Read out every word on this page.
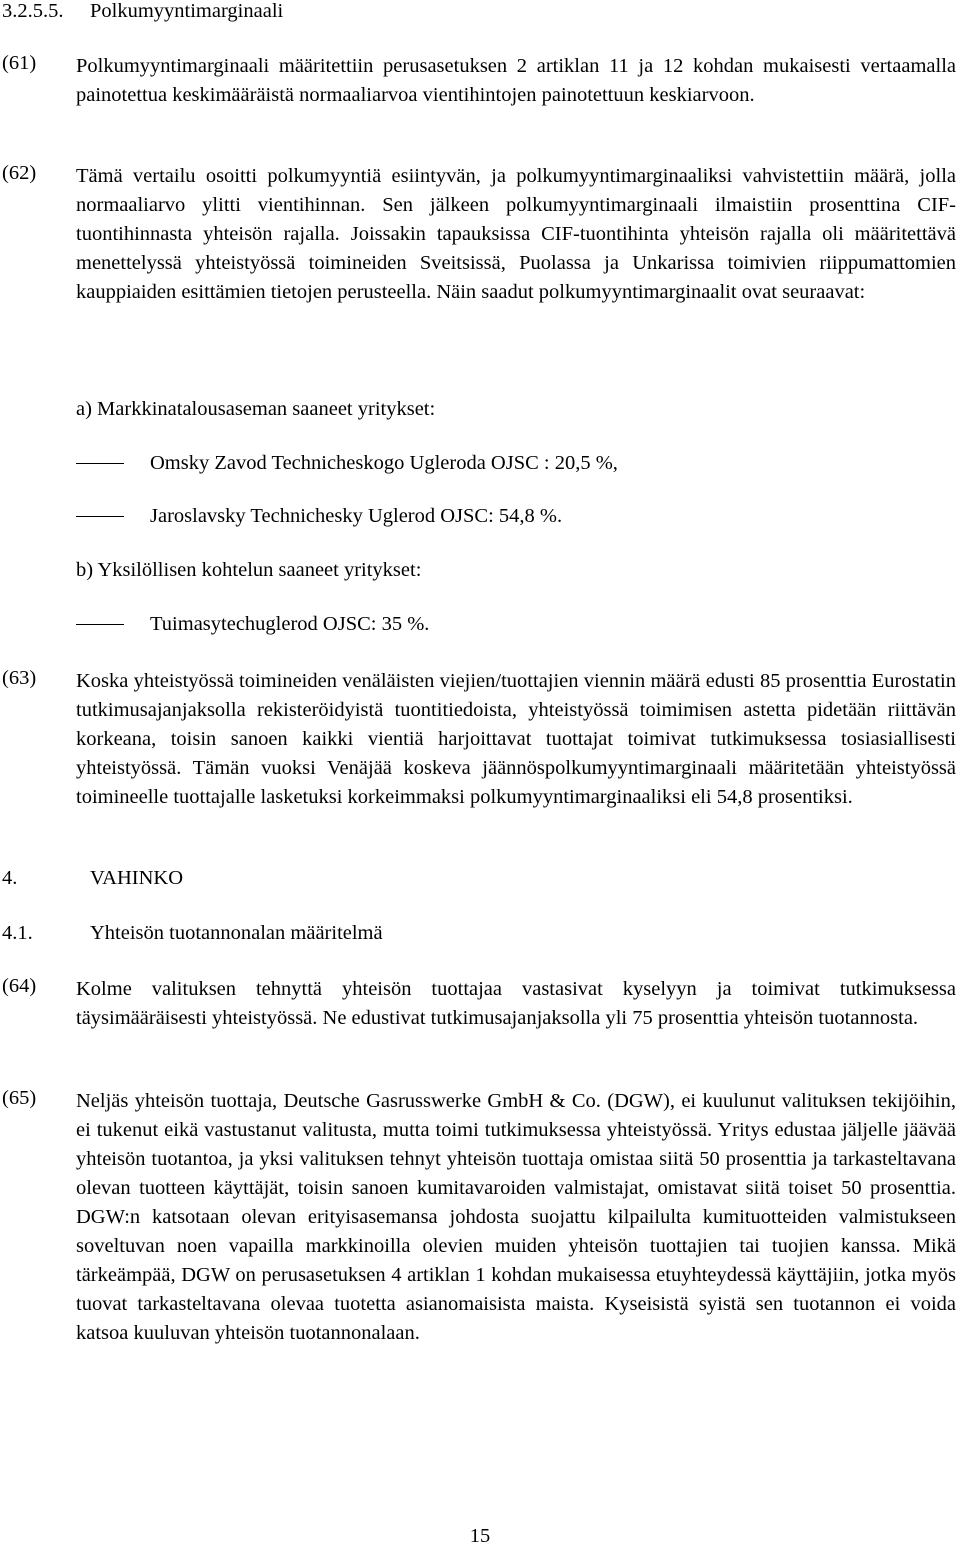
3.2.5.5. Polkumyyntimarginaali
(61) Polkumyyntimarginaali määritettiin perusasetuksen 2 artiklan 11 ja 12 kohdan mukaisesti vertaamalla painotettua keskimääräistä normaaliarvoa vientihintojen painotettuun keskiarvoon.

(62) Tämä vertailu osoitti polkumyyntiä esiintyvän, ja polkumyyntimarginaaliksi vahvistettiin määrä, jolla normaaliarvo ylitti vientihinnan. Sen jälkeen polkumyyntimarginaali ilmaistiin prosenttina CIF-tuontihinnasta yhteisön rajalla. Joissakin tapauksissa CIF-tuontihinta yhteisön rajalla oli määritettävä menettelyssä yhteistyössä toimineiden Sveitsissä, Puolassa ja Unkarissa toimivien riippumattomien kauppiaiden esittämien tietojen perusteella. Näin saadut polkumyyntimarginaalit ovat seuraavat:

a) Markkinatalousaseman saaneet yritykset:
Omsky Zavod Technicheskogo Ugleroda OJSC : 20,5 %,
Jaroslavsky Technichesky Uglerod OJSC: 54,8 %.
b) Yksilöllisen kohtelun saaneet yritykset:
Tuimasytechuglerod OJSC: 35 %.
(63) Koska yhteistyössä toimineiden venäläisten viejien/tuottajien viennin määrä edusti 85 prosenttia Eurostatin tutkimusajanjaksolla rekisteröidyistä tuontitiedoista, yhteistyössä toimimisen astetta pidetään riittävän korkeana, toisin sanoen kaikki vientiä harjoittavat tuottajat toimivat tutkimuksessa tosiasiallisesti yhteistyössä. Tämän vuoksi Venäjää koskeva jäännöspolkumyyntimarginaali määritetään yhteistyössä toimineelle tuottajalle lasketuksi korkeimmaksi polkumyyntimarginaaliksi eli 54,8 prosentiksi.

4.	VAHINKO
4.1.	Yhteisön tuotannonalan määritelmä
(64) Kolme valituksen tehnyttä yhteisön tuottajaa vastasivat kyselyyn ja toimivat tutkimuksessa täysimääräisesti yhteistyössä. Ne edustivat tutkimusajanjaksolla yli 75 prosenttia yhteisön tuotannosta.

(65) Neljäs yhteisön tuottaja, Deutsche Gasrusswerke GmbH & Co. (DGW), ei kuulunut valituksen tekijöihin, ei tukenut eikä vastustanut valitusta, mutta toimi tutkimuksessa yhteistyössä. Yritys edustaa jäljelle jäävää yhteisön tuotantoa, ja yksi valituksen tehnyt yhteisön tuottaja omistaa siitä 50 prosenttia ja tarkasteltavana olevan tuotteen käyttäjät, toisin sanoen kumitavaroiden valmistajat, omistavat siitä toiset 50 prosenttia. DGW:n katsotaan olevan erityisasemansa johdosta suojattu kilpailulta kumituotteiden valmistukseen soveltuvan noen vapailla markkinoilla olevien muiden yhteisön tuottajien tai tuojien kanssa. Mikä tärkeämpää, DGW on perusasetuksen 4 artiklan 1 kohdan mukaisessa etuyhteydessä käyttäjiin, jotka myös tuovat tarkasteltavana olevaa tuotetta asianomaisista maista. Kyseisistä syistä sen tuotannon ei voida katsoa kuuluvan yhteisön tuotannonalaan.

15
